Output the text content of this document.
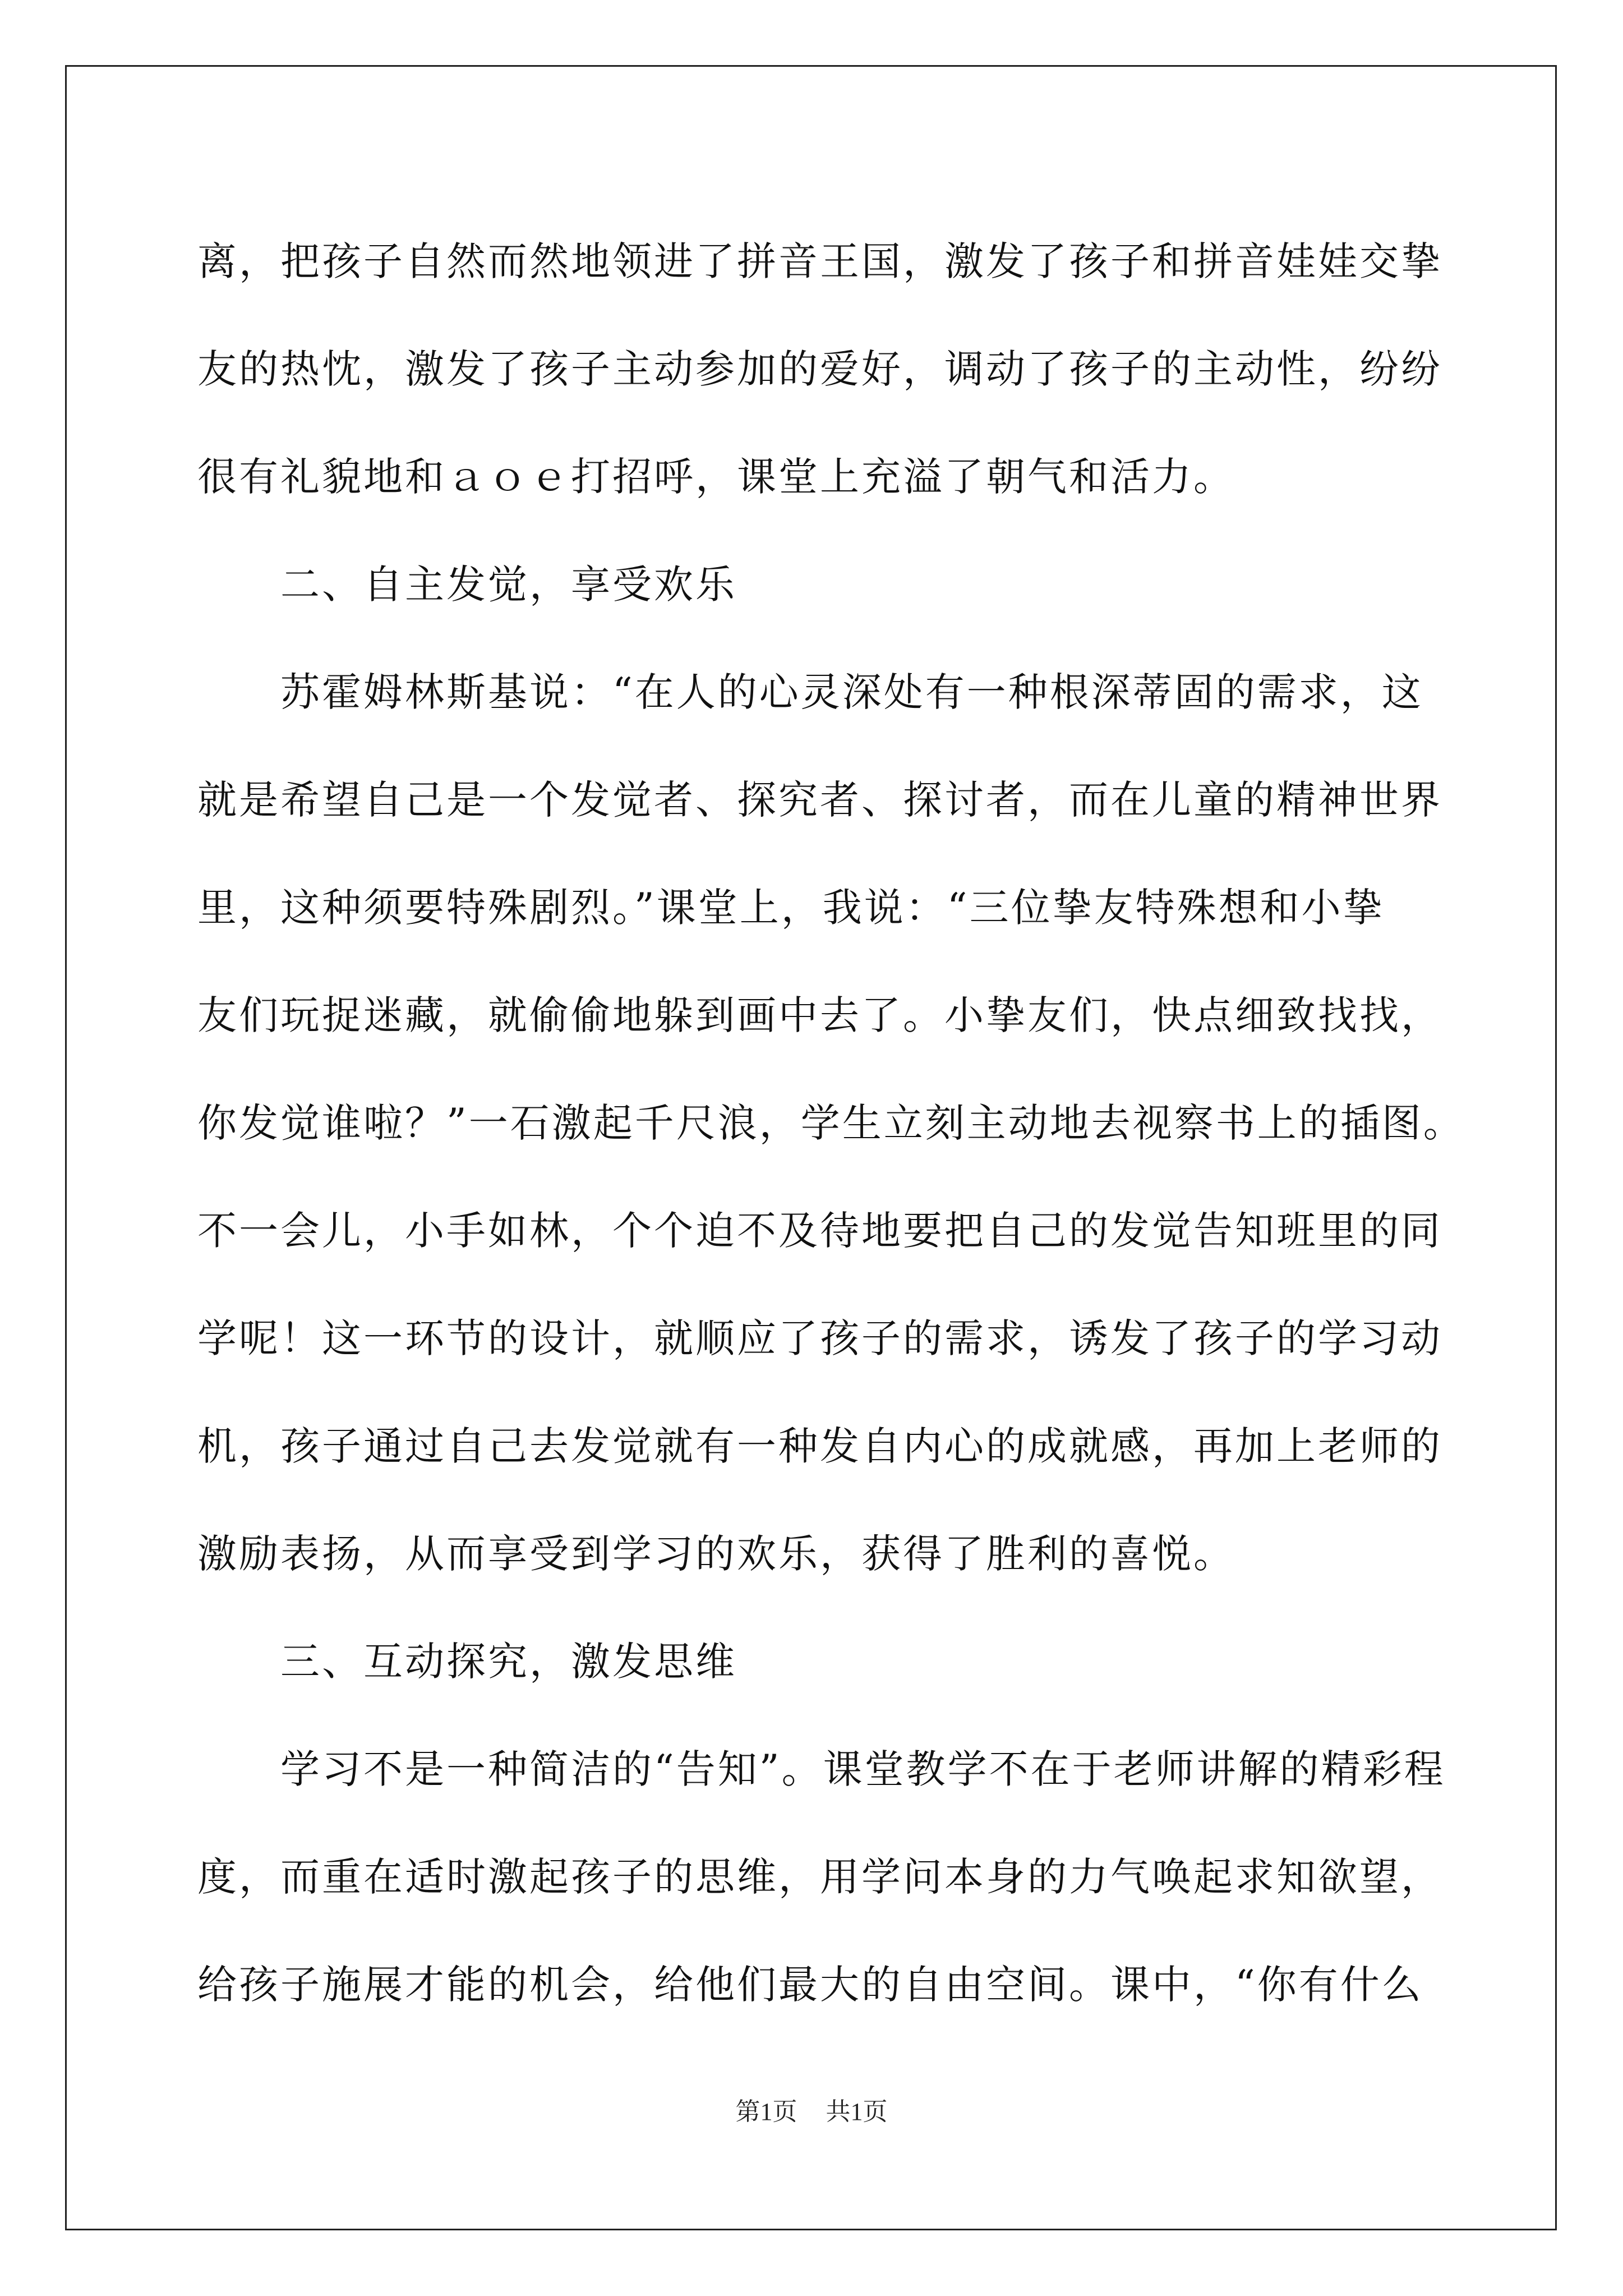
离，把孩子自然而然地领进了拼音王国，激发了孩子和拼音娃娃交挚
友的热忱，激发了孩子主动参加的爱好，调动了孩子的主动性，纷纷
很有礼貌地和ａｏｅ打招呼，课堂上充溢了朝气和活力。
二、自主发觉，享受欢乐
苏霍姆林斯基说：“在人的心灵深处有一种根深蒂固的需求，这
就是希望自己是一个发觉者、探究者、探讨者，而在儿童的精神世界
里，这种须要特殊剧烈。”课堂上，我说：“三位挚友特殊想和小挚
友们玩捉迷藏，就偷偷地躲到画中去了。小挚友们，快点细致找找，
你发觉谁啦？”一石激起千尺浪，学生立刻主动地去视察书上的插图。
不一会儿，小手如林，个个迫不及待地要把自己的发觉告知班里的同
学呢！这一环节的设计，就顺应了孩子的需求，诱发了孩子的学习动
机，孩子通过自己去发觉就有一种发自内心的成就感，再加上老师的
激励表扬，从而享受到学习的欢乐，获得了胜利的喜悦。
三、互动探究，激发思维
学习不是一种简洁的“告知”。课堂教学不在于老师讲解的精彩程
度，而重在适时激起孩子的思维，用学问本身的力气唤起求知欲望，
给孩子施展才能的机会，给他们最大的自由空间。课中，“你有什么
第1页 共1页
